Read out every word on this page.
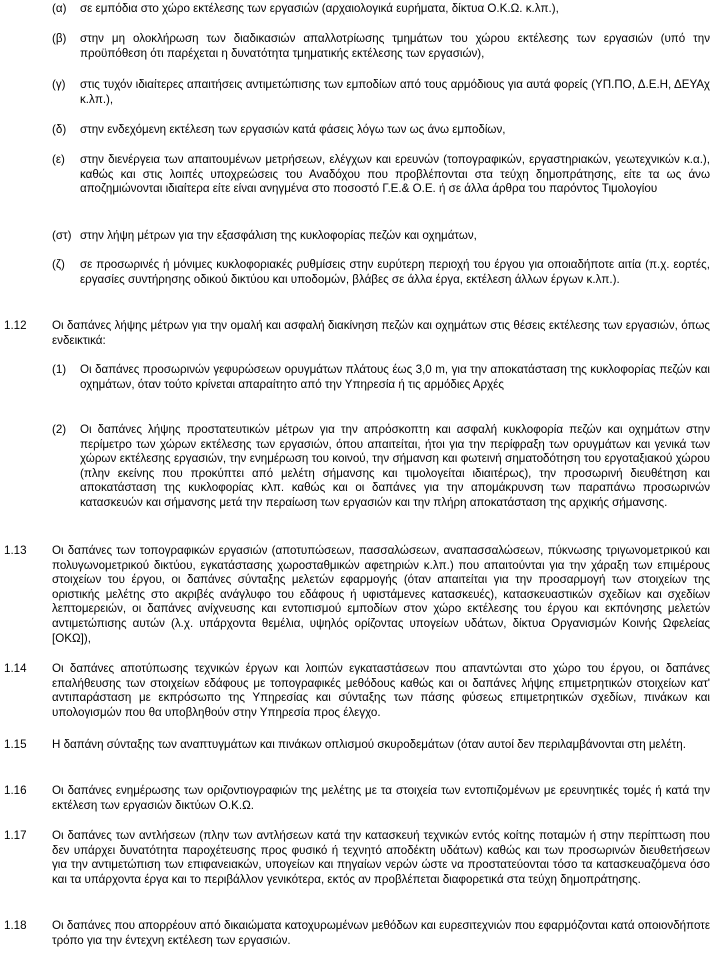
(α) σε εμπόδια στο χώρο εκτέλεσης των εργασιών (αρχαιολογικά ευρήματα, δίκτυα Ο.Κ.Ω. κ.λπ.),
(β) στην μη ολοκλήρωση των διαδικασιών απαλλοτρίωσης τμημάτων του χώρου εκτέλεσης των εργασιών (υπό την προϋπόθεση ότι παρέχεται η δυνατότητα τμηματικής εκτέλεσης των εργασιών),
(γ) στις τυχόν ιδιαίτερες απαιτήσεις αντιμετώπισης των εμποδίων από τους αρμόδιους για αυτά φορείς (ΥΠ.ΠΟ, Δ.Ε.Η, ΔΕΥΑχ κ.λπ.),
(δ) στην ενδεχόμενη εκτέλεση των εργασιών κατά φάσεις λόγω των ως άνω εμποδίων,
(ε) στην διενέργεια των απαιτουμένων μετρήσεων, ελέγχων και ερευνών (τοπογραφικών, εργαστηριακών, γεωτεχνικών κ.α.), καθώς και στις λοιπές υποχρεώσεις του Αναδόχου που προβλέπονται στα τεύχη δημοπράτησης, είτε τα ως άνω αποζημιώνονται ιδιαίτερα είτε είναι ανηγμένα στο ποσοστό Γ.Ε.& Ο.Ε. ή σε άλλα άρθρα του παρόντος Τιμολογίου
(στ) στην λήψη μέτρων για την εξασφάλιση της κυκλοφορίας πεζών και οχημάτων,
(ζ) σε προσωρινές ή μόνιμες κυκλοφοριακές ρυθμίσεις στην ευρύτερη περιοχή του έργου για οποιαδήποτε αιτία (π.χ. εορτές, εργασίες συντήρησης οδικού δικτύου και υποδομών, βλάβες σε άλλα έργα, εκτέλεση άλλων έργων κ.λπ.).
1.12 Οι δαπάνες λήψης μέτρων για την ομαλή και ασφαλή διακίνηση πεζών και οχημάτων στις θέσεις εκτέλεσης των εργασιών, όπως ενδεικτικά:
(1) Οι δαπάνες προσωρινών γεφυρώσεων ορυγμάτων πλάτους έως 3,0 m, για την αποκατάσταση της κυκλοφορίας πεζών και οχημάτων, όταν τούτο κρίνεται απαραίτητο από την Υπηρεσία ή τις αρμόδιες Αρχές
(2) Οι δαπάνες λήψης προστατευτικών μέτρων για την απρόσκοπτη και ασφαλή κυκλοφορία πεζών και οχημάτων στην περίμετρο των χώρων εκτέλεσης των εργασιών, όπου απαιτείται, ήτοι για την περίφραξη των ορυγμάτων και γενικά των χώρων εκτέλεσης εργασιών, την ενημέρωση του κοινού, την σήμανση και φωτεινή σηματοδότηση του εργοταξιακού χώρου (πλην εκείνης που προκύπτει από μελέτη σήμανσης και τιμολογείται ιδιαιτέρως), την προσωρινή διευθέτηση και αποκατάσταση της κυκλοφορίας κλπ. καθώς και οι δαπάνες για την απομάκρυνση των παραπάνω προσωρινών κατασκευών και σήμανσης μετά την περαίωση των εργασιών και την πλήρη αποκατάσταση της αρχικής σήμανσης.
1.13 Οι δαπάνες των τοπογραφικών εργασιών (αποτυπώσεων, πασσαλώσεων, αναπασσαλώσεων, πύκνωσης τριγωνομετρικού και πολυγωνομετρικού δικτύου, εγκατάστασης χωροσταθμικών αφετηριών κ.λπ.) που απαιτούνται για την χάραξη των επιμέρους στοιχείων του έργου, οι δαπάνες σύνταξης μελετών εφαρμογής (όταν απαιτείται για την προσαρμογή των στοιχείων της οριστικής μελέτης στο ακριβές ανάγλυφο του εδάφους ή υφιστάμενες κατασκευές), κατασκευαστικών σχεδίων και σχεδίων λεπτομερειών, οι δαπάνες ανίχνευσης και εντοπισμού εμποδίων στον χώρο εκτέλεσης του έργου και εκπόνησης μελετών αντιμετώπισης αυτών (λ.χ. υπάρχοντα θεμέλια, υψηλός ορίζοντας υπογείων υδάτων, δίκτυα Οργανισμών Κοινής Ωφελείας [ΟΚΩ]),
1.14 Οι δαπάνες αποτύπωσης τεχνικών έργων και λοιπών εγκαταστάσεων που απαντώνται στο χώρο του έργου, οι δαπάνες επαλήθευσης των στοιχείων εδάφους με τοπογραφικές μεθόδους καθώς και οι δαπάνες λήψης επιμετρητικών στοιχείων κατ' αντιπαράσταση με εκπρόσωπο της Υπηρεσίας και σύνταξης των πάσης φύσεως επιμετρητικών σχεδίων, πινάκων και υπολογισμών που θα υποβληθούν στην Υπηρεσία προς έλεγχο.
1.15 Η δαπάνη σύνταξης των αναπτυγμάτων και πινάκων οπλισμού σκυροδεμάτων (όταν αυτοί δεν περιλαμβάνονται στη μελέτη.
1.16 Οι δαπάνες ενημέρωσης των οριζοντιογραφιών της μελέτης με τα στοιχεία των εντοπιζομένων με ερευνητικές τομές ή κατά την εκτέλεση των εργασιών δικτύων Ο.Κ.Ω.
1.17 Οι δαπάνες των αντλήσεων (πλην των αντλήσεων κατά την κατασκευή τεχνικών εντός κοίτης ποταμών ή στην περίπτωση που δεν υπάρχει δυνατότητα παροχέτευσης προς φυσικό ή τεχνητό αποδέκτη υδάτων) καθώς και των προσωρινών διευθετήσεων για την αντιμετώπιση των επιφανειακών, υπογείων και πηγαίων νερών ώστε να προστατεύονται τόσο τα κατασκευαζόμενα όσο και τα υπάρχοντα έργα και το περιβάλλον γενικότερα, εκτός αν προβλέπεται διαφορετικά στα τεύχη δημοπράτησης.
1.18 Οι δαπάνες που απορρέουν από δικαιώματα κατοχυρωμένων μεθόδων και ευρεσιτεχνιών που εφαρμόζονται κατά οποιονδήποτε τρόπο για την έντεχνη εκτέλεση των εργασιών.
